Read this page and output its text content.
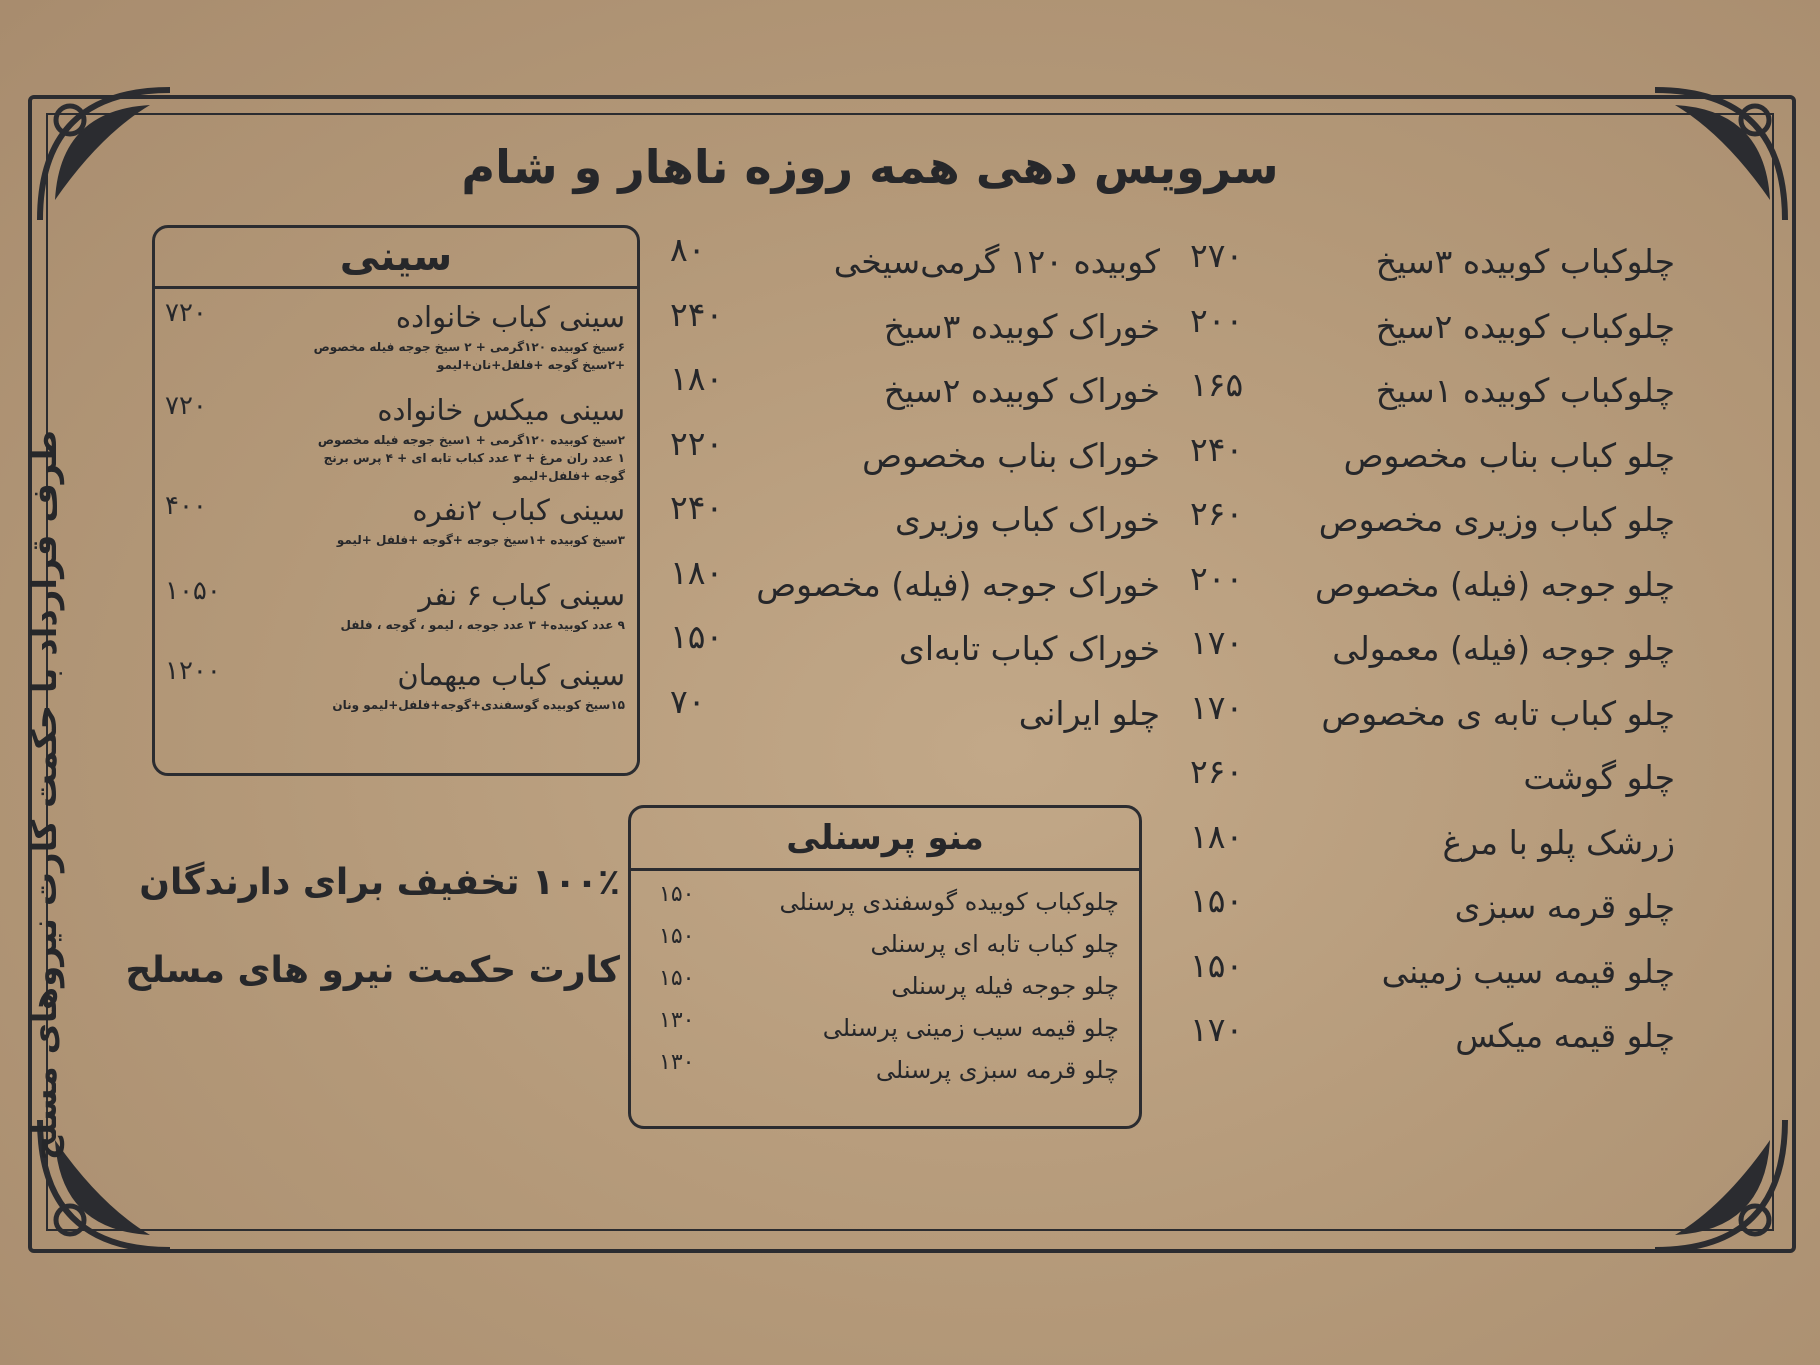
سرویس دهی همه روزه ناهار و شام
طرف قرارداد با حکمت کارت نیروهای مسلح
چلوکباب کوبیده ۳سیخ
۲۷۰
چلوکباب کوبیده ۲سیخ
۲۰۰
چلوکباب کوبیده ۱سیخ
۱۶۵
چلو کباب بناب مخصوص
۲۴۰
چلو کباب وزیری مخصوص
۲۶۰
چلو جوجه (فیله) مخصوص
۲۰۰
چلو جوجه (فیله) معمولی
۱۷۰
چلو کباب تابه ی مخصوص
۱۷۰
چلو گوشت
۲۶۰
زرشک پلو با مرغ
۱۸۰
چلو قرمه سبزی
۱۵۰
چلو قیمه سیب زمینی
۱۵۰
چلو قیمه میکس
۱۷۰
کوبیده ۱۲۰ گرمی‌سیخی
۸۰
خوراک کوبیده ۳سیخ
۲۴۰
خوراک کوبیده ۲سیخ
۱۸۰
خوراک بناب مخصوص
۲۲۰
خوراک کباب وزیری
۲۴۰
خوراک جوجه (فیله) مخصوص
۱۸۰
خوراک کباب تابه‌ای
۱۵۰
چلو ایرانی
۷۰
سینی
سینی کباب خانواده
۷۲۰
۶سیخ کوبیده ۱۲۰گرمی + ۲ سیخ جوجه فیله مخصوص
+۲سیخ گوجه +فلفل+نان+لیمو
سینی میکس خانواده
۷۲۰
۲سیخ کوبیده ۱۲۰گرمی + ۱سیخ جوجه فیله مخصوص
۱ عدد ران مرغ + ۳ عدد کباب تابه ای + ۴ پرس برنج
گوجه +فلفل+لیمو
سینی کباب ۲نفره
۴۰۰
۳سیخ کوبیده +۱سیخ جوجه +گوجه +فلفل +لیمو
سینی کباب ۶ نفر
۱۰۵۰
۹ عدد کوبیده+ ۳ عدد جوجه ، لیمو ، گوجه ، فلفل
سینی کباب میهمان
۱۲۰۰
۱۵سیخ کوبیده گوسفندی+گوجه+فلفل+لیمو ونان
منو پرسنلی
چلوکباب کوبیده گوسفندی پرسنلی
۱۵۰
چلو کباب تابه ای پرسنلی
۱۵۰
چلو جوجه فیله پرسنلی
۱۵۰
چلو قیمه سیب زمینی پرسنلی
۱۳۰
چلو قرمه سبزی پرسنلی
۱۳۰
۱۰۰٪ تخفیف برای دارندگان
کارت حکمت نیرو های مسلح
